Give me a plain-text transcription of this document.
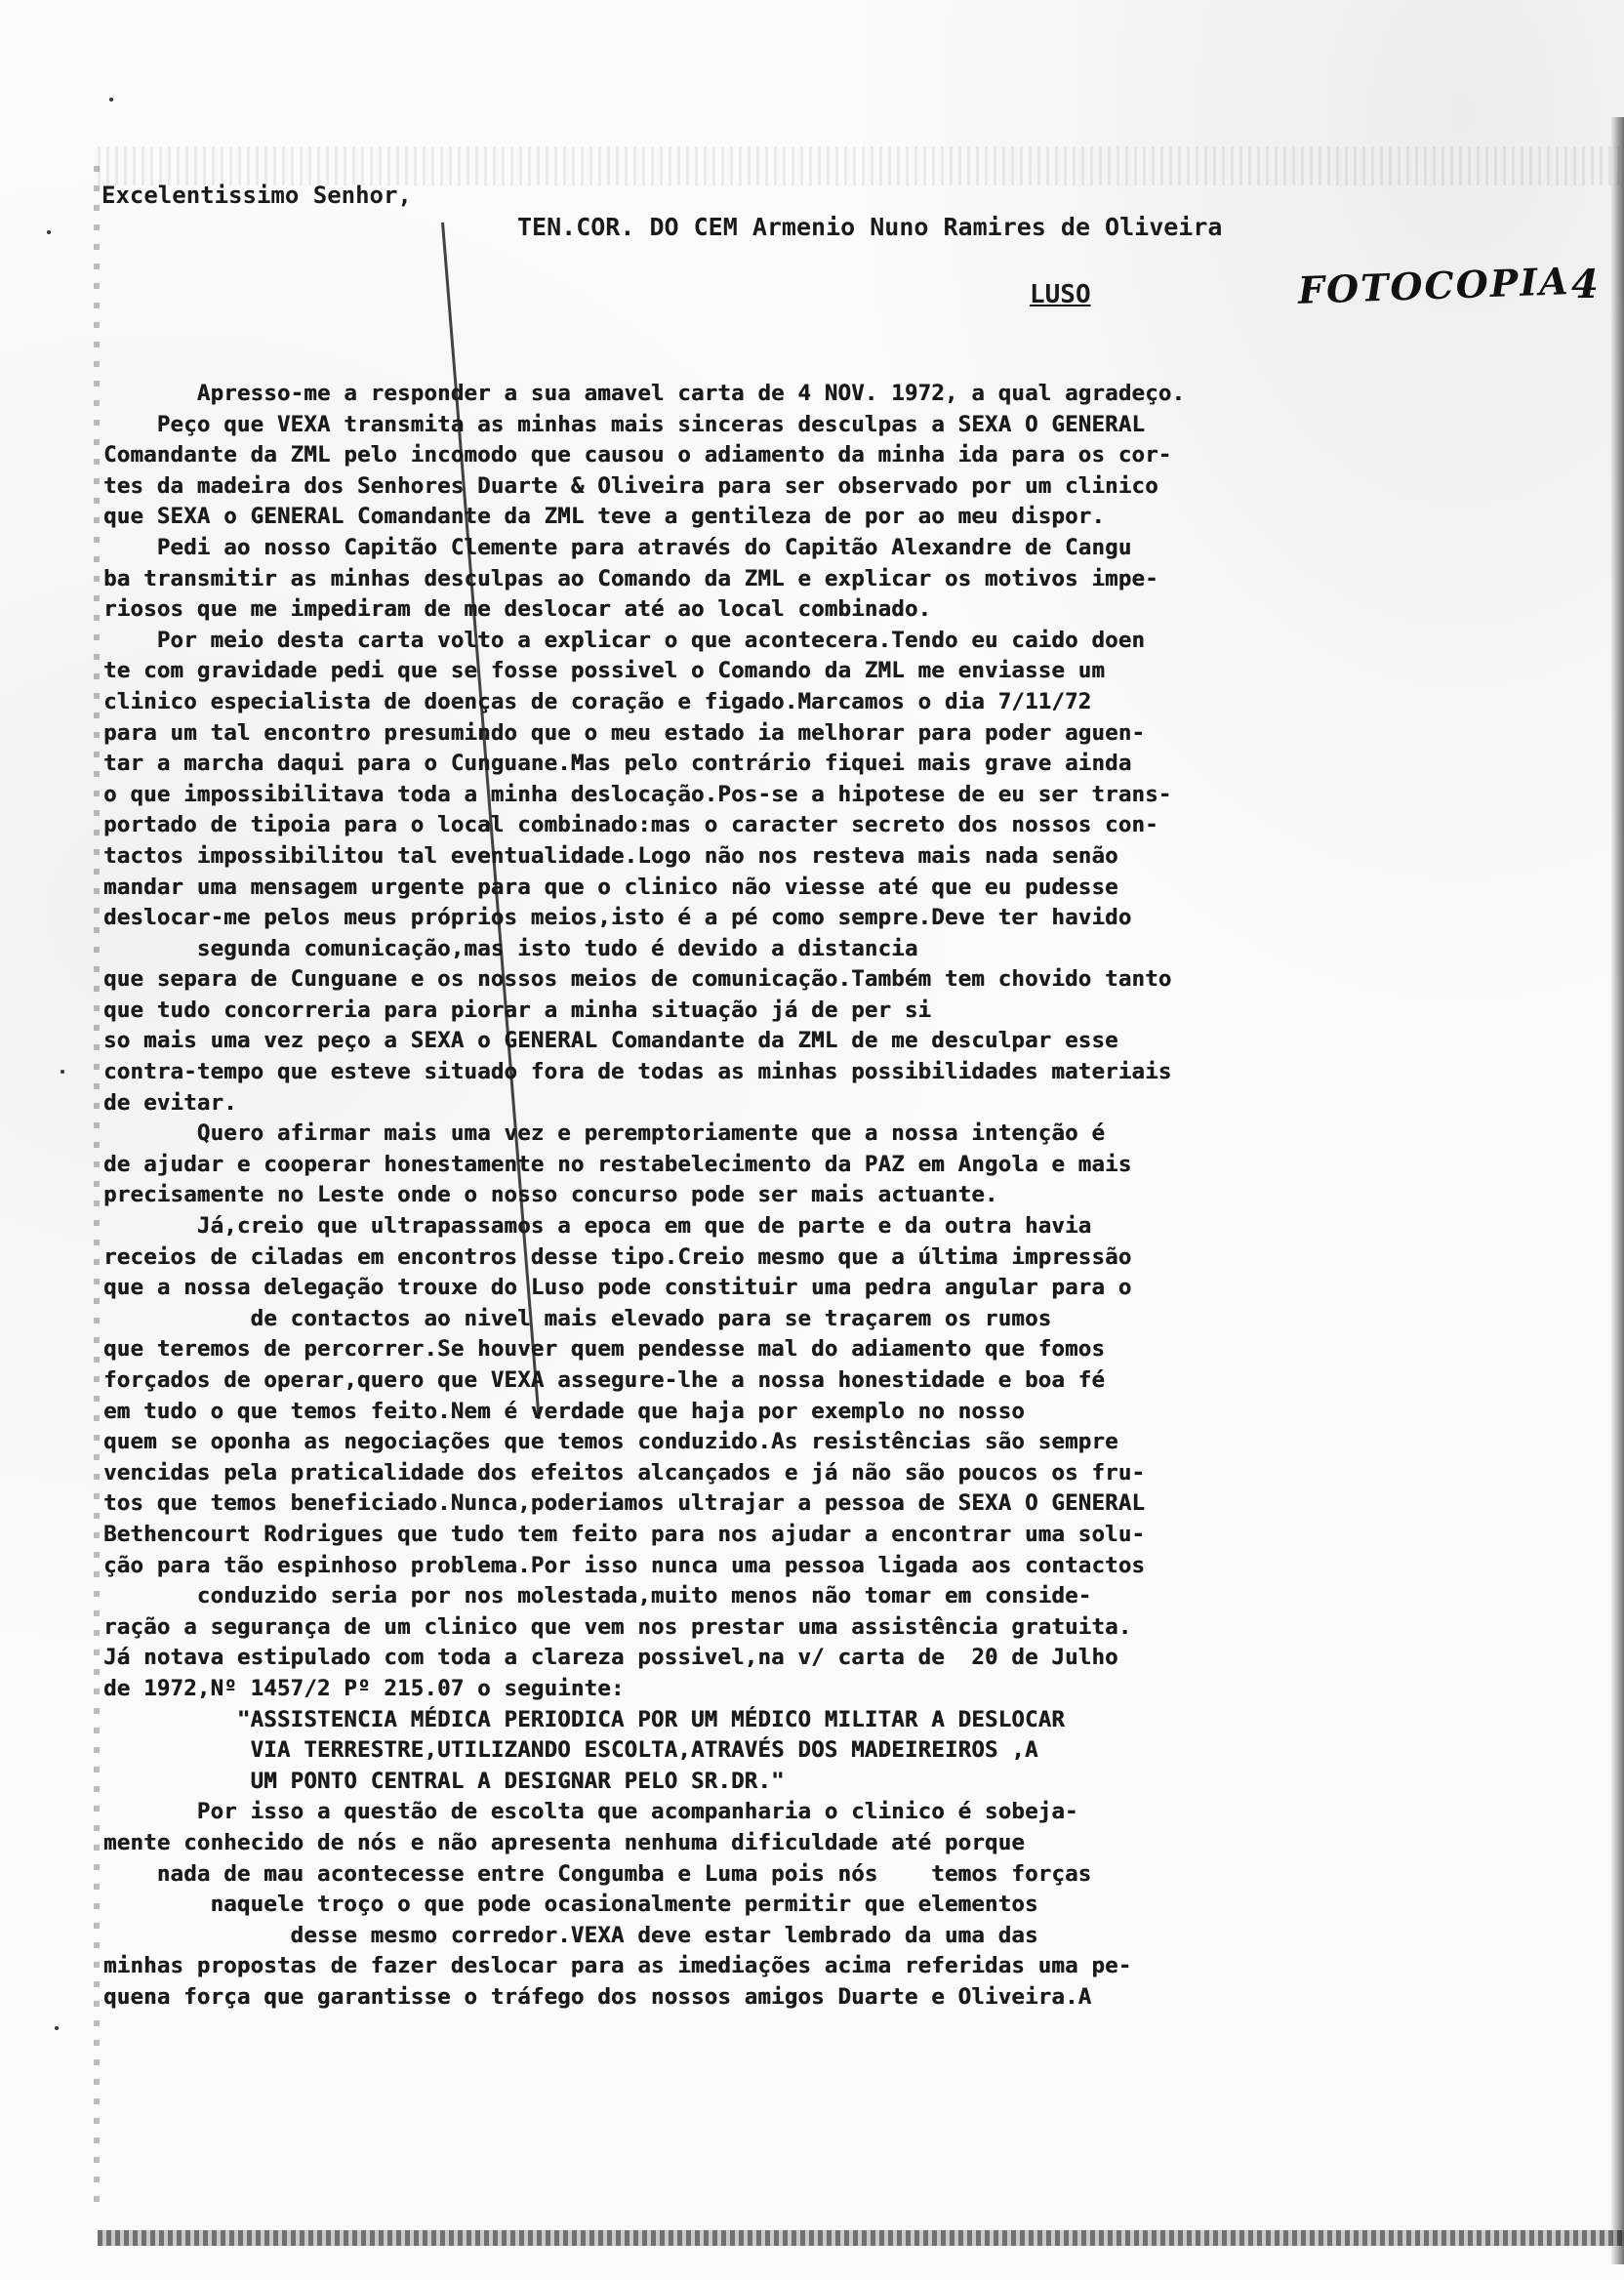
Excelentissimo Senhor,
TEN.COR. DO CEM Armenio Nuno Ramires de Oliveira
LUSO	FOTOCOPIA 4
Apresso-me a responder a sua amavel carta de 4 NOV. 1972, a qual agradeço.
Peço que VEXA transmita as minhas mais sinceras desculpas a SEXA O GENERAL
Comandante da ZML pelo incomodo que causou o adiamento da minha ida para os cor-
tes da madeira dos Senhores Duarte & Oliveira para ser observado por um clinico
que SEXA o GENERAL Comandante da ZML teve a gentileza de por ao meu dispor.
Pedi ao nosso Capitão Clemente para através do Capitão Alexandre de Cangu
ba transmitir as minhas desculpas ao Comando da ZML e explicar os motivos impe-
riosos que me impediram de me deslocar até ao local combinado.
Por meio desta carta volto a explicar o que acontecera.Tendo eu caido doen
te com gravidade pedi que se fosse possivel o Comando da ZML me enviasse um
clinico especialista de doenças de coração e figado.Marcamos o dia 7/11/72
para um tal encontro presumindo que o meu estado ia melhorar para poder aguen-
tar a marcha daqui para o Cunguane.Mas pelo contrário fiquei mais grave ainda
o que impossibilitava toda a minha deslocação.Pos-se a hipotese de eu ser trans-
portado de tipoia para o local combinado:mas o caracter secreto dos nossos con-
tactos impossibilitou tal eventualidade.Logo não nos resteva mais nada senão
mandar uma mensagem urgente para que o clinico não viesse até que eu pudesse
deslocar-me pelos meus próprios meios,isto é a pé como sempre.Deve ter havido
segunda comunicação,mas isto tudo é devido a distancia
que separa de Cunguane e os nossos meios de comunicação.Também tem chovido tanto
que tudo concorreria para piorar a minha situação já de per si
so mais uma vez peço a SEXA o GENERAL Comandante da ZML de me desculpar esse
contra-tempo que esteve situado fora de todas as minhas possibilidades materiais
de evitar.
Quero afirmar mais uma vez e peremptoriamente que a nossa intenção é
de ajudar e cooperar honestamente no restabelecimento da PAZ em Angola e mais
precisamente no Leste onde o nosso concurso pode ser mais actuante.
Já,creio que ultrapassamos a epoca em que de parte e da outra havia
receios de ciladas em encontros desse tipo.Creio mesmo que a última impressão
que a nossa delegação trouxe do Luso pode constituir uma pedra angular para o
de contactos ao nivel mais elevado para se traçarem os rumos
que teremos de percorrer.Se houver quem pendesse mal do adiamento que fomos
forçados de operar,quero que VEXA assegure-lhe a nossa honestidade e boa fé
em tudo o que temos feito.Nem é verdade que haja por exemplo no nosso
quem se oponha as negociações que temos conduzido.As resistências são sempre
vencidas pela praticalidade dos efeitos alcançados e já não são poucos os fru-
tos que temos beneficiado.Nunca,poderiamos ultrajar a pessoa de SEXA O GENERAL
Bethencourt Rodrigues que tudo tem feito para nos ajudar a encontrar uma solu-
ção para tão espinhoso problema.Por isso nunca uma pessoa ligada aos contactos
conduzido seria por nos molestada,muito menos não tomar em conside-
ração a segurança de um clinico que vem nos prestar uma assistência gratuita.
Já notava estipulado com toda a clareza possivel,na v/ carta de  20 de Julho
de 1972,Nº 1457/2 Pº 215.07 o seguinte:
"ASSISTENCIA MÉDICA PERIODICA POR UM MÉDICO MILITAR A DESLOCAR
VIA TERRESTRE,UTILIZANDO ESCOLTA,ATRAVÉS DOS MADEIREIROS ,A
UM PONTO CENTRAL A DESIGNAR PELO SR.DR."
Por isso a questão de escolta que acompanharia o clinico é sobeja-
mente conhecido de nós e não apresenta nenhuma dificuldade até porque
nada de mau acontecesse entre Congumba e Luma pois nós    temos forças
naquele troço o que pode ocasionalmente permitir que elementos
desse mesmo corredor.VEXA deve estar lembrado da uma das
minhas propostas de fazer deslocar para as imediações acima referidas uma pe-
quena força que garantisse o tráfego dos nossos amigos Duarte e Oliveira.A
